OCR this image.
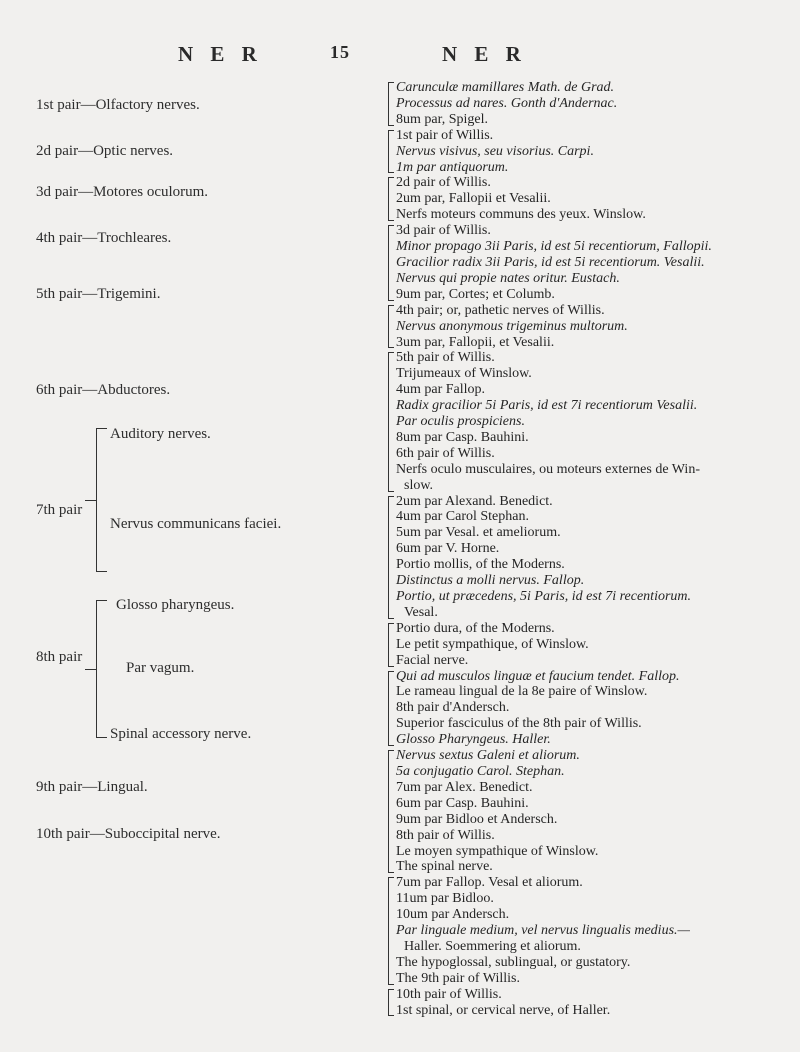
N E R	15	N E R
1st pair—Olfactory nerves.
2d pair—Optic nerves.
3d pair—Motores oculorum.
4th pair—Trochleares.
5th pair—Trigemini.
6th pair—Abductores.
Auditory nerves.
Nervus communicans faciei.
7th pair
Glosso pharyngeus.
Par vagum.
Spinal accessory nerve.
8th pair
9th pair—Lingual.
10th pair—Suboccipital nerve.
Carunculæ mamillares Math. de Grad.
Processus ad nares. Gonth d'Andernac.
8um par, Spigel.
1st pair of Willis.
Nervus visivus, seu visorius. Carpi.
1m par antiquorum.
2d pair of Willis.
2um par, Fallopii et Vesalii.
Nerfs moteurs communs des yeux. Winslow.
3d pair of Willis.
Minor propago 3ii Paris, id est 5i recentiorum, Fallopii.
Gracilior radix 3ii Paris, id est 5i recentiorum. Vesalii.
Nervus qui propie nates oritur. Eustach.
9um par, Cortes; et Columb.
4th pair; or, pathetic nerves of Willis.
Nervus anonymous trigeminus multorum.
3um par, Fallopii, et Vesalii.
5th pair of Willis.
Trijumeaux of Winslow.
4um par Fallop.
Radix gracilior 5i Paris, id est 7i recentiorum Vesalii.
Par oculis prospiciens.
8um par Casp. Bauhini.
6th pair of Willis.
Nerfs oculo musculaires, ou moteurs externes de Win-
slow.
2um par Alexand. Benedict.
4um par Carol Stephan.
5um par Vesal. et ameliorum.
6um par V. Horne.
Portio mollis, of the Moderns.
Distinctus a molli nervus. Fallop.
Portio, ut præcedens, 5i Paris, id est 7i recentiorum.
Vesal.
Portio dura, of the Moderns.
Le petit sympathique, of Winslow.
Facial nerve.
Qui ad musculos linguæ et faucium tendet. Fallop.
Le rameau lingual de la 8e paire of Winslow.
8th pair d'Andersch.
Superior fasciculus of the 8th pair of Willis.
Glosso Pharyngeus. Haller.
Nervus sextus Galeni et aliorum.
5a conjugatio Carol. Stephan.
7um par Alex. Benedict.
6um par Casp. Bauhini.
9um par Bidloo et Andersch.
8th pair of Willis.
Le moyen sympathique of Winslow.
The spinal nerve.
7um par Fallop. Vesal et aliorum.
11um par Bidloo.
10um par Andersch.
Par linguale medium, vel nervus lingualis medius.—
Haller. Soemmering et aliorum.
The hypoglossal, sublingual, or gustatory.
The 9th pair of Willis.
10th pair of Willis.
1st spinal, or cervical nerve, of Haller.
